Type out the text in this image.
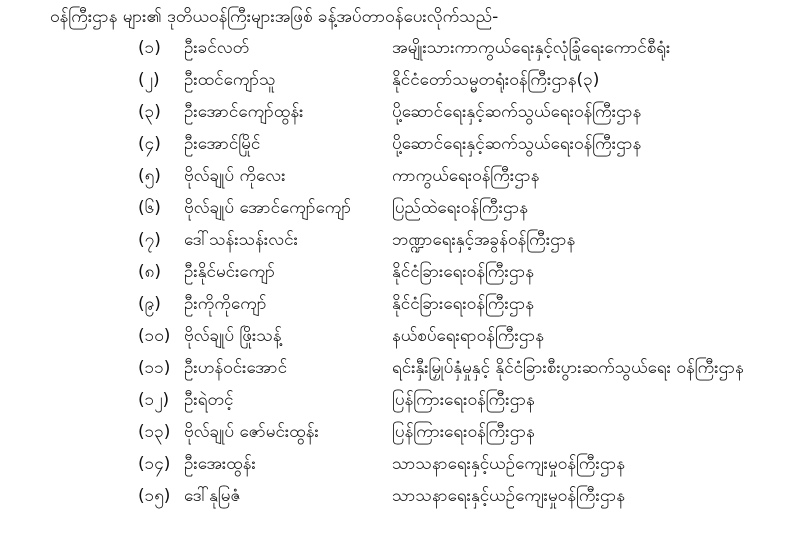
ဝန်ကြီးဌာန များ၏ ဒုတိယဝန်ကြီးများအဖြစ် ခန့်အပ်တာဝန်ပေးလိုက်သည်-
(၁)	ဦးခင်လတ်	အမျိုးသားကာကွယ်ရေးနှင့်လုံခြုံရေးကောင်စီရုံး
(၂)	ဦးထင်ကျော်သူ	နိုင်ငံတော်သမ္မတရုံးဝန်ကြီးဌာန(၃)
(၃)	ဦးအောင်ကျော်ထွန်း	ပို့ဆောင်ရေးနှင့်ဆက်သွယ်ရေးဝန်ကြီးဌာန
(၄)	ဦးအောင်မြိုင်	ပို့ဆောင်ရေးနှင့်ဆက်သွယ်ရေးဝန်ကြီးဌာန
(၅)	ဗိုလ်ချုပ် ကိုလေး	ကာကွယ်ရေးဝန်ကြီးဌာန
(၆)	ဗိုလ်ချုပ် အောင်ကျော်ကျော်	ပြည်ထဲရေးဝန်ကြီးဌာန
(၇)	ဒေါ်သန်းသန်းလင်း	ဘဏ္ဍာရေးနှင့်အခွန်ဝန်ကြီးဌာန
(၈)	ဦးနိုင်မင်းကျော်	နိုင်ငံခြားရေးဝန်ကြီးဌာန
(၉)	ဦးကိုကိုကျော်	နိုင်ငံခြားရေးဝန်ကြီးဌာန
(၁၀) ဗိုလ်ချုပ် ဖြိုးသန့်	နယ်စပ်ရေးရာဝန်ကြီးဌာန
(၁၁) ဦးဟန်ဝင်းအောင်	ရင်းနှီးမြှုပ်နှံမှုနှင့် နိုင်ငံခြားစီးပွားဆက်သွယ်ရေး ဝန်ကြီးဌာန
(၁၂) ဦးရဲတင့်	ပြန်ကြားရေးဝန်ကြီးဌာန
(၁၃) ဗိုလ်ချုပ် ဇော်မင်းထွန်း	ပြန်ကြားရေးဝန်ကြီးဌာန
(၁၄) ဦးအေးထွန်း	သာသနာရေးနှင့်ယဉ်ကျေးမှုဝန်ကြီးဌာန
(၁၅) ဒေါ်နုမြဇံ	သာသနာရေးနှင့်ယဉ်ကျေးမှုဝန်ကြီးဌာန
